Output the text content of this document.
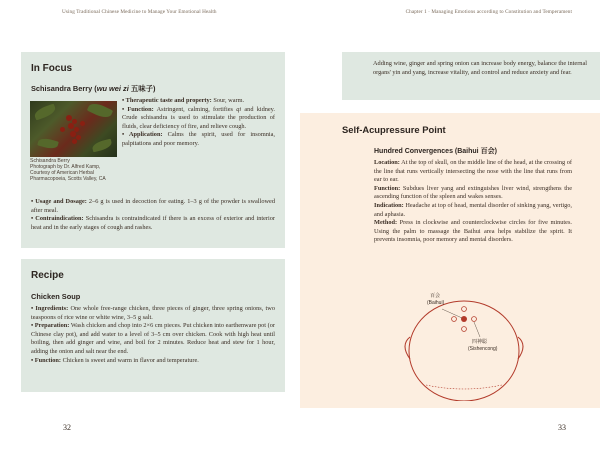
Using Traditional Chinese Medicine to Manage Your Emotional Health
In Focus
Schisandra Berry (wu wei zi 五味子)

• Therapeutic taste and property: Sour, warm.

• Function: Astringent, calming, fortifies qi and kidney. Crude schisandra is used to stimulate the production of fluids, clear deficiency of fire, and relieve cough.

• Application: Calms the spirit, used for insomnia, palpitations and poor memory.

• Usage and Dosage: 2–6 g is used in decoction for eating. 1–3 g of the powder is swallowed after meal.

• Contraindication: Schisandra is contraindicated if there is an excess of exterior and interior heat and in the early stages of cough and rashes.

Schisandra Berry
Photograph by Dr. Alfred Kamp, Courtesy of American Herbal Pharmacopoeia, Scotts Valley, CA
Recipe
Chicken Soup

• Ingredients: One whole free-range chicken, three pieces of ginger, three spring onions, two teaspoons of rice wine or white wine, 3–5 g salt.

• Preparation: Wash chicken and chop into 2×6 cm pieces. Put chicken into earthenware pot (or Chinese clay pot), and add water to a level of 3–5 cm over chicken. Cook with high heat until boiling, then add ginger and wine, and boil for 2 minutes. Reduce heat and stew for 1 hour, adding the onion and salt near the end.

• Function: Chicken is sweet and warm in flavor and temperature.

32
Chapter 1 · Managing Emotions according to Constitution and Temperament
Adding wine, ginger and spring onion can increase body energy, balance the internal organs' yin and yang, increase vitality, and control and reduce anxiety and fear.
Self-Acupressure Point
Hundred Convergences (Baihui 百会)

Location: At the top of skull, on the middle line of the head, at the crossing of the line that runs vertically intersecting the nose with the line that runs from ear to ear.

Function: Subdues liver yang and extinguishes liver wind, strengthens the ascending function of the spleen and wakes senses.

Indication: Headache at top of head, mental disorder of sinking yang, vertigo, and aphasia.

Method: Press in clockwise and counterclockwise circles for five minutes. Using the palm to massage the Baihui area helps stabilize the spirit. It prevents insomnia, poor memory and mental disorders.

百会
(Baihui)
四神聪
(Sishencong)
33
